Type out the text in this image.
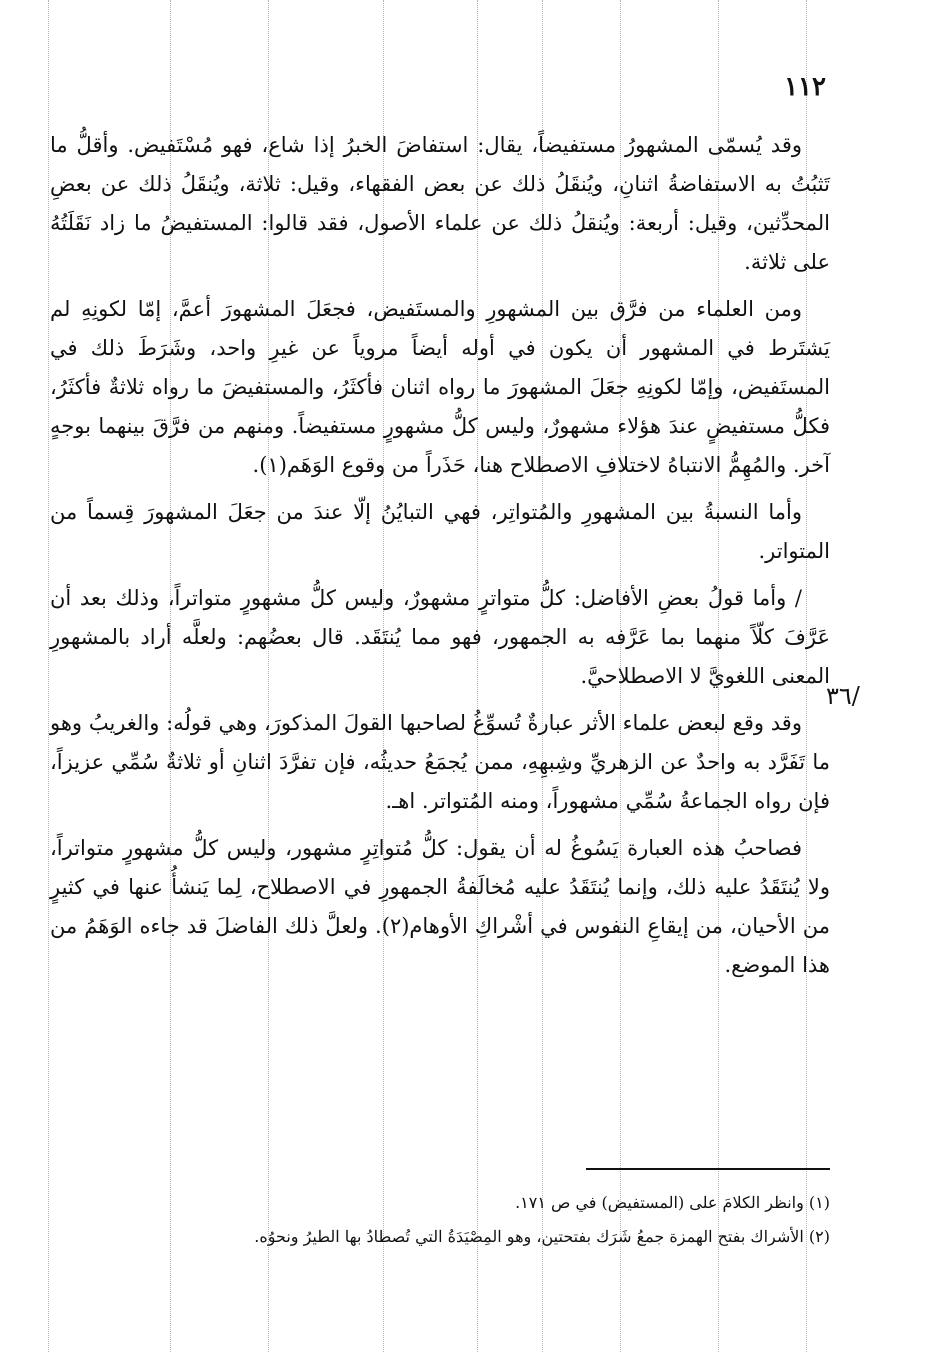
١١٢
/٣٦

وقد يُسمّى المشهورُ مستفيضاً، يقال: استفاضَ الخبرُ إذا شاع، فهو مُسْتَفيض. وأقلُّ ما تَثبُتُ به الاستفاضةُ اثنانِ، ويُنقَلُ ذلك عن بعض الفقهاء، وقيل: ثلاثة، ويُنقَلُ ذلك عن بعضِ المحدِّثين، وقيل: أربعة: ويُنقلُ ذلك عن علماء الأصول، فقد قالوا: المستفيضُ ما زاد نَقَلَتُهُ على ثلاثة.

ومن العلماء من فرَّق بين المشهورِ والمستَفيض، فجعَلَ المشهورَ أعمَّ، إمّا لكونِهِ لم يَشتَرط في المشهور أن يكون في أوله أيضاً مروياً عن غيرِ واحد، وشَرَطَ ذلك في المستَفيض، وإمّا لكونِهِ جعَلَ المشهورَ ما رواه اثنان فأكثَرُ، والمستفيضَ ما رواه ثلاثةٌ فأكثَرُ، فكلُّ مستفيضٍ عندَ هؤلاء مشهورٌ، وليس كلُّ مشهورٍ مستفيضاً. ومنهم من فرَّقَ بينهما بوجهٍ آخر. والمُهِمُّ الانتباهُ لاختلافِ الاصطلاح هنا، حَذَراً من وقوع الوَهَم(١).

وأما النسبةُ بين المشهورِ والمُتواتِر، فهي التبايُنُ إلّا عندَ من جعَلَ المشهورَ قِسماً من المتواتر.

/ وأما قولُ بعضِ الأفاضل: كلُّ متواترٍ مشهورٌ، وليس كلُّ مشهورٍ متواتراً، وذلك بعد أن عَرَّفَ كلّاً منهما بما عَرَّفه به الجمهور، فهو مما يُنتَقَد. قال بعضُهم: ولعلَّه أراد بالمشهورِ المعنى اللغويَّ لا الاصطلاحيَّ.

وقد وقع لبعض علماء الأثر عبارةٌ تُسوِّغُ لصاحبها القولَ المذكورَ، وهي قولُه: والغريبُ وهو ما تَفَرَّد به واحدٌ عن الزهريِّ وشِبهِهِ، ممن يُجمَعُ حديثُه، فإن تفرَّدَ اثنانِ أو ثلاثةٌ سُمِّي عزيزاً، فإن رواه الجماعةُ سُمِّي مشهوراً، ومنه المُتواتر. اهـ.

فصاحبُ هذه العبارة يَسُوغُ له أن يقول: كلُّ مُتواتِرٍ مشهور، وليس كلُّ مشهورٍ متواتراً، ولا يُنتَقَدُ عليه ذلك، وإنما يُنتَقَدُ عليه مُخالَفةُ الجمهورِ في الاصطلاح، لِما يَنشأُ عنها في كثيرٍ من الأحيان، من إيقاعِ النفوس في أشْراكِ الأوهام(٢). ولعلَّ ذلك الفاضلَ قد جاءه الوَهَمُ من هذا الموضع.

(١) وانظر الكلامَ على (المستفيض) في ص ١٧١.

(٢) الأشراك بفتح الهمزة جمعُ شَرَك بفتحتين، وهو المِصْيَدَةُ التي تُصطادُ بها الطيرُ ونحوُه.
